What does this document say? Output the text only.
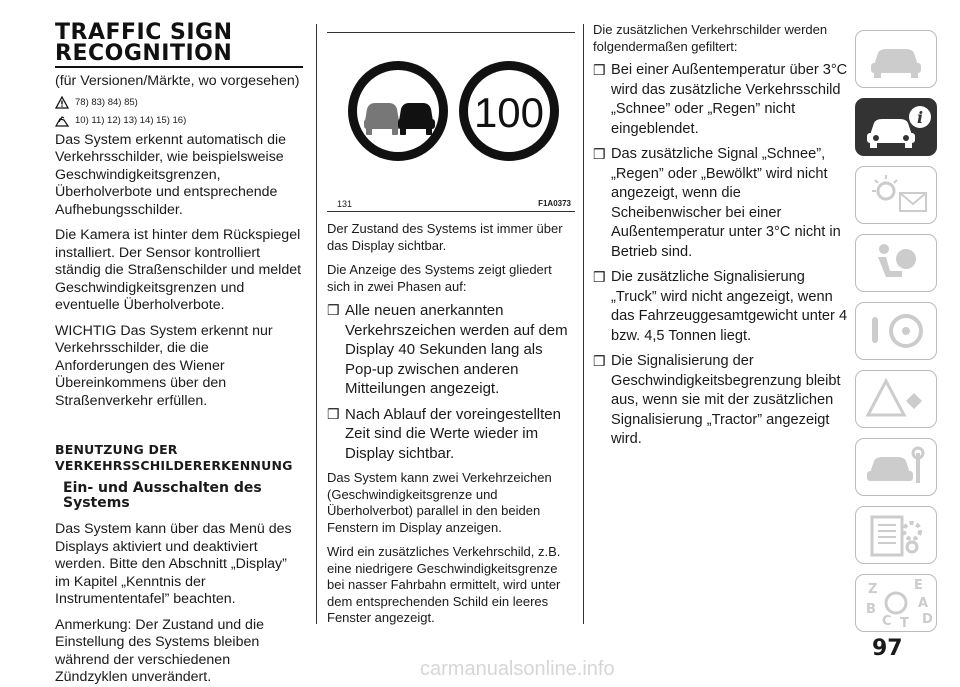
TRAFFIC SIGN
RECOGNITION

(für Versionen/Märkte, wo vorgesehen)

78) 83) 84) 85)
10) 11) 12) 13) 14) 15) 16)

Das System erkennt automatisch die Verkehrsschilder, wie beispielsweise Geschwindigkeitsgrenzen, Überholverbote und entsprechende Aufhebungsschilder.

Die Kamera ist hinter dem Rückspiegel installiert. Der Sensor kontrolliert ständig die Straßenschilder und meldet Geschwindigkeitsgrenzen und eventuelle Überholverbote.

WICHTIG Das System erkennt nur Verkehrsschilder, die die Anforderungen des Wiener Übereinkommens über den Straßenverkehr erfüllen.

BENUTZUNG DER
VERKEHRSSCHILDERERKENNUNG
Ein- und Ausschalten des Systems

Das System kann über das Menü des Displays aktiviert und deaktiviert werden. Bitte den Abschnitt „Display” im Kapitel „Kenntnis der Instrumententafel” beachten.

Anmerkung: Der Zustand und die Einstellung des Systems bleiben während der verschiedenen Zündzyklen unverändert.

100
131	F1A0373

Der Zustand des Systems ist immer über das Display sichtbar.

Die Anzeige des Systems zeigt gliedert sich in zwei Phasen auf:

❒ Alle neuen anerkannten Verkehrszeichen werden auf dem Display 40 Sekunden lang als Pop-up zwischen anderen Mitteilungen angezeigt.
❒ Nach Ablauf der voreingestellten Zeit sind die Werte wieder im Display sichtbar.

Das System kann zwei Verkehrzeichen (Geschwindigkeitsgrenze und Überholverbot) parallel in den beiden Fenstern im Display anzeigen.

Wird ein zusätzliches Verkehrschild, z.B. eine niedrigere Geschwindigkeitsgrenze bei nasser Fahrbahn ermittelt, wird unter dem entsprechenden Schild ein leeres Fenster angezeigt.

Die zusätzlichen Verkehrschilder werden folgendermaßen gefiltert:

❒ Bei einer Außentemperatur über 3°C wird das zusätzliche Verkehrsschild „Schnee” oder „Regen” nicht eingeblendet.
❒ Das zusätzliche Signal „Schnee”, „Regen” oder „Bewölkt” wird nicht angezeigt, wenn die Scheibenwischer bei einer Außentemperatur unter 3°C nicht in Betrieb sind.
❒ Die zusätzliche Signalisierung „Truck” wird nicht angezeigt, wenn das Fahrzeuggesamtgewicht unter 4 bzw. 4,5 Tonnen liegt.
❒ Die Signalisierung der Geschwindigkeitsbegrenzung bleibt aus, wenn sie mit der zusätzlichen Signalisierung „Tractor” angezeigt wird.
i
Z	E
B	A
D
C T
97
carmanualsonline.info
